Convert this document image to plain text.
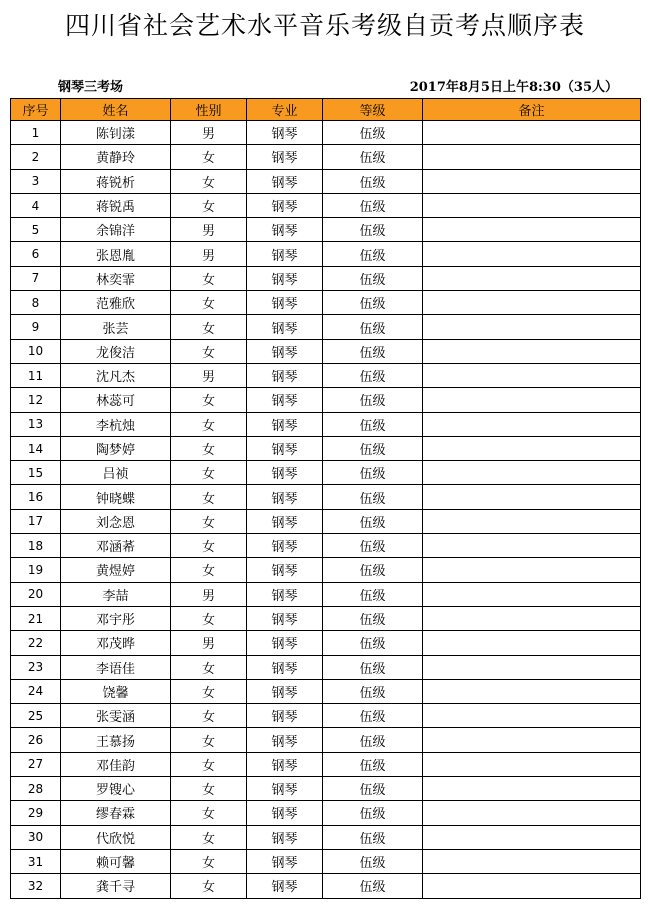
四川省社会艺术水平音乐考级自贡考点顺序表
钢琴三考场	2017年8月5日上午8:30（35人）
序号	姓名	性别	专业	等级	备注
1	陈钊漾	男	钢琴	伍级	
2	黄静玲	女	钢琴	伍级	
3	蒋锐析	女	钢琴	伍级	
4	蒋锐禹	女	钢琴	伍级	
5	余锦洋	男	钢琴	伍级	
6	张恩胤	男	钢琴	伍级	
7	林奕霏	女	钢琴	伍级	
8	范雅欣	女	钢琴	伍级	
9	张芸	女	钢琴	伍级	
10	龙俊洁	女	钢琴	伍级	
11	沈凡杰	男	钢琴	伍级	
12	林蕊可	女	钢琴	伍级	
13	李杭烛	女	钢琴	伍级	
14	陶梦婷	女	钢琴	伍级	
15	吕祯	女	钢琴	伍级	
16	钟晓蝶	女	钢琴	伍级	
17	刘念恩	女	钢琴	伍级	
18	邓涵莃	女	钢琴	伍级	
19	黄煜婷	女	钢琴	伍级	
20	李喆	男	钢琴	伍级	
21	邓宇彤	女	钢琴	伍级	
22	邓茂晔	男	钢琴	伍级	
23	李语佳	女	钢琴	伍级	
24	饶馨	女	钢琴	伍级	
25	张雯涵	女	钢琴	伍级	
26	王慕扬	女	钢琴	伍级	
27	邓佳韵	女	钢琴	伍级	
28	罗锼心	女	钢琴	伍级	
29	缪春霖	女	钢琴	伍级	
30	代欣悦	女	钢琴	伍级	
31	赖可馨	女	钢琴	伍级	
32	龚千寻	女	钢琴	伍级	
